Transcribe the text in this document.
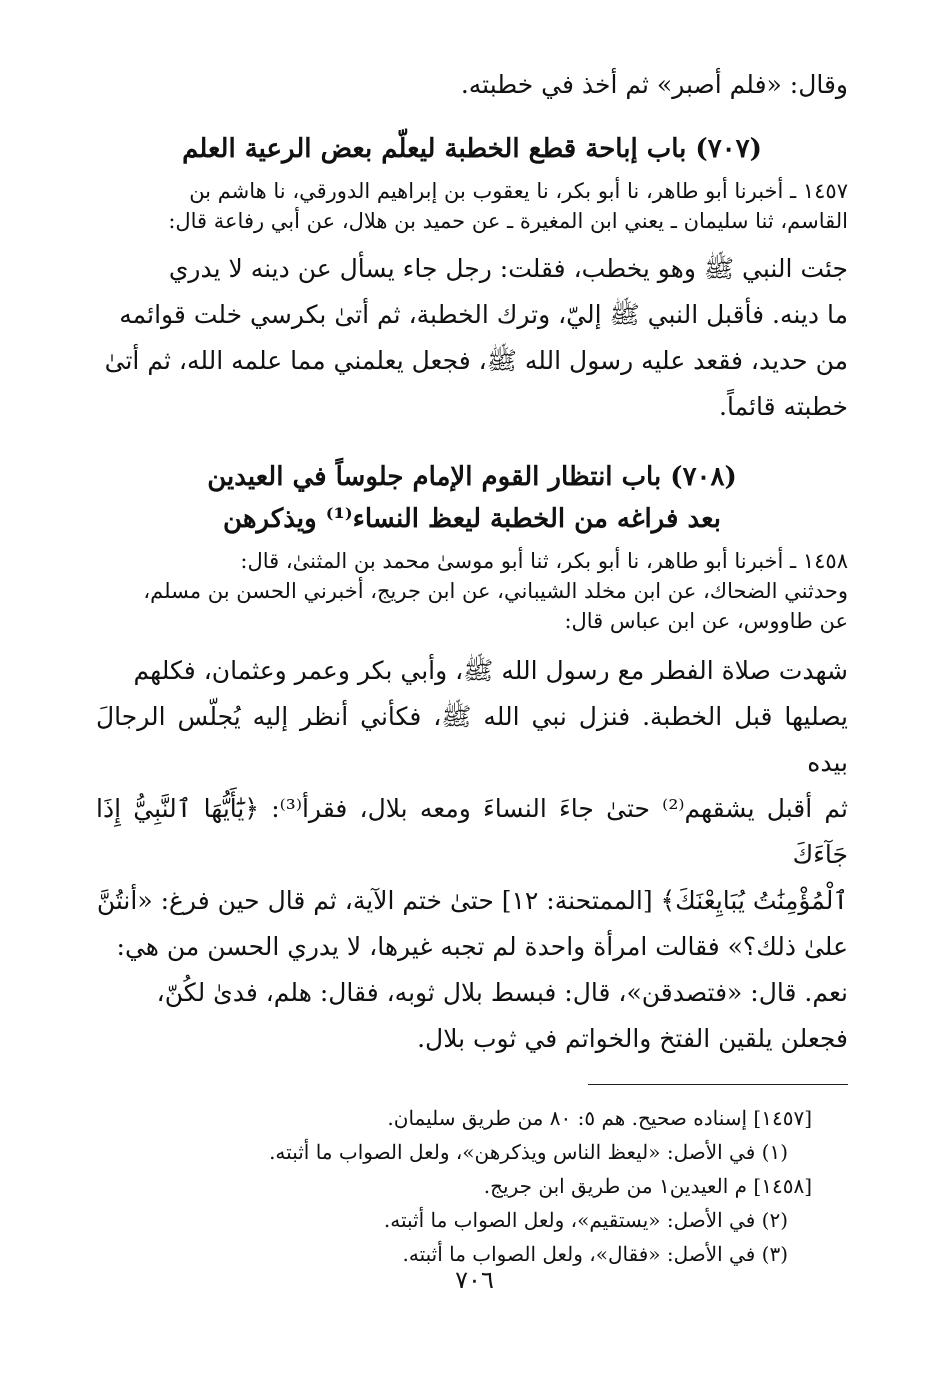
وقال: «فلم أصبر» ثم أخذ في خطبته.

(٧٠٧) باب إباحة قطع الخطبة ليعلّم بعض الرعية العلم

١٤٥٧ ـ أخبرنا أبو طاهر، نا أبو بكر، نا يعقوب بن إبراهيم الدورقي، نا هاشم بن

القاسم، ثنا سليمان ـ يعني ابن المغيرة ـ عن حميد بن هلال، عن أبي رفاعة قال:

جئت النبي ﷺ وهو يخطب، فقلت: رجل جاء يسأل عن دينه لا يدري

ما دينه. فأقبل النبي ﷺ إليّ، وترك الخطبة، ثم أتىٰ بكرسي خلت قوائمه

من حديد، فقعد عليه رسول الله ﷺ، فجعل يعلمني مما علمه الله، ثم أتىٰ

خطبته قائماً.

(٧٠٨) باب انتظار القوم الإمام جلوساً في العيدين
بعد فراغه من الخطبة ليعظ النساء⁽¹⁾ ويذكرهن

١٤٥٨ ـ أخبرنا أبو طاهر، نا أبو بكر، ثنا أبو موسىٰ محمد بن المثنىٰ، قال:

وحدثني الضحاك، عن ابن مخلد الشيباني، عن ابن جريج، أخبرني الحسن بن مسلم،

عن طاووس، عن ابن عباس قال:

شهدت صلاة الفطر مع رسول الله ﷺ، وأبي بكر وعمر وعثمان، فكلهم

يصليها قبل الخطبة. فنزل نبي الله ﷺ، فكأني أنظر إليه يُجلّس الرجالَ بيده

ثم أقبل يشقهم⁽²⁾ حتىٰ جاءَ النساءَ ومعه بلال، فقرأ⁽³⁾: ﴿يَٰٓأَيُّهَا ٱلنَّبِيُّ إِذَا جَآءَكَ

ٱلْمُؤْمِنَٰتُ يُبَايِعْنَكَ﴾ [الممتحنة: ١٢] حتىٰ ختم الآية، ثم قال حين فرغ: «أنتُنَّ

علىٰ ذلك؟» فقالت امرأة واحدة لم تجبه غيرها، لا يدري الحسن من هي:

نعم. قال: «فتصدقن»، قال: فبسط بلال ثوبه، فقال: هلم، فدىٰ لكُنّ،

فجعلن يلقين الفتخ والخواتم في ثوب بلال.

[١٤٥٧] إسناده صحيح. هم ٥: ٨٠ من طريق سليمان.

(١) في الأصل: «ليعظ الناس ويذكرهن»، ولعل الصواب ما أثبته.

[١٤٥٨] م العيدين١ من طريق ابن جريج.

(٢) في الأصل: «يستقيم»، ولعل الصواب ما أثبته.

(٣) في الأصل: «فقال»، ولعل الصواب ما أثبته.

٧٠٦
